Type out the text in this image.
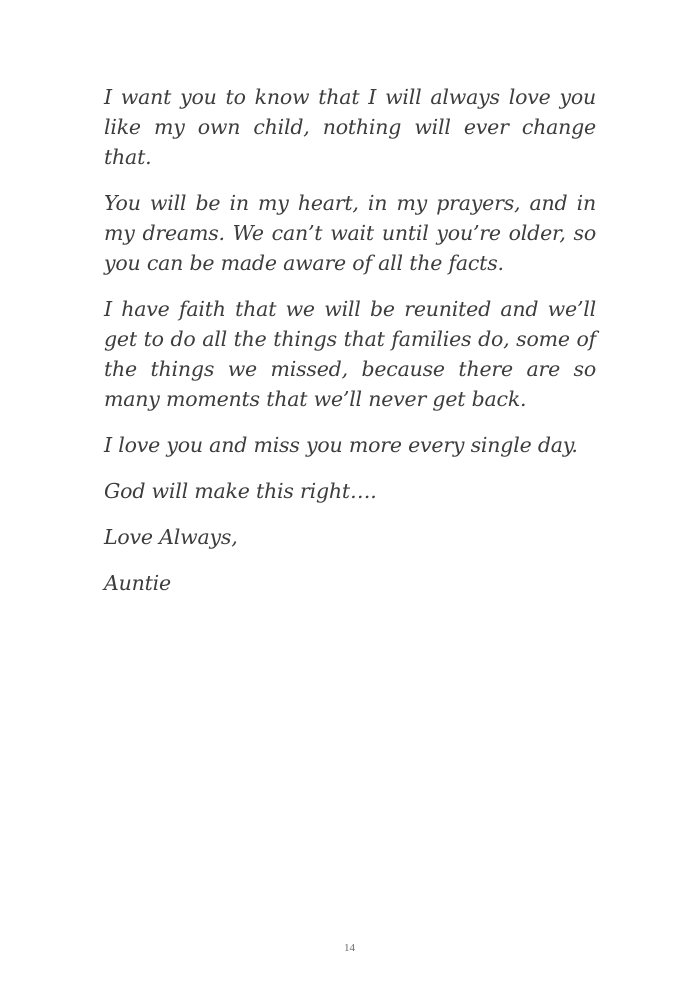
I want you to know that I will always love you like my own child, nothing will ever change that.

You will be in my heart, in my prayers, and in my dreams. We can’t wait until you’re older, so you can be made aware of all the facts.

I have faith that we will be reunited and we’ll get to do all the things that families do, some of the things we missed, because there are so many moments that we’ll never get back.

I love you and miss you more every single day.

God will make this right….

Love Always,

Auntie

14
